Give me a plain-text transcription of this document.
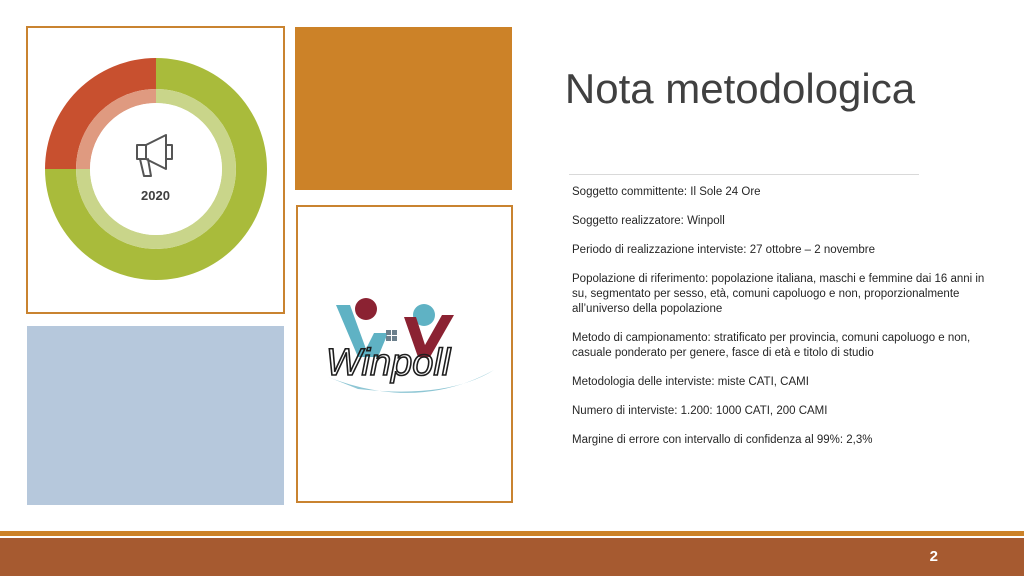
2020
Winpoll
Nota metodologica

Soggetto committente: Il Sole 24 Ore

Soggetto realizzatore: Winpoll

Periodo di realizzazione interviste: 27 ottobre – 2 novembre

Popolazione di riferimento: popolazione italiana, maschi e femmine dai 16 anni in su, segmentato per sesso, età, comuni capoluogo e non, proporzionalmente all’universo della popolazione

Metodo di campionamento: stratificato per provincia, comuni capoluogo e non, casuale ponderato per genere, fasce di età e titolo di studio

Metodologia delle interviste: miste CATI, CAMI

Numero di interviste: 1.200: 1000 CATI, 200 CAMI

Margine di errore con intervallo di confidenza al 99%: 2,3%

2
